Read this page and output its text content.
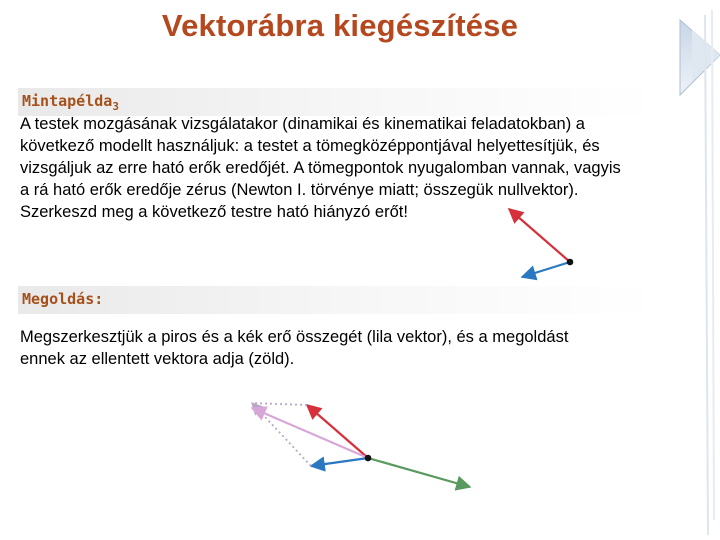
Vektorábra kiegészítése
Mintapélda$_3$
A testek mozgásának vizsgálatakor (dinamikai és kinematikai feladatokban) a
következő modellt használjuk: a testet a tömegközéppontjával helyettesítjük, és
vizsgáljuk az erre ható erők eredőjét. A tömegpontok nyugalomban vannak, vagyis
a rá ható erők eredője zérus (Newton I. törvénye miatt; összegük nullvektor).
Szerkeszd meg a következő testre ható hiányzó erőt!
Megoldás:
Megszerkesztjük a piros és a kék erő összegét (lila vektor), és a megoldást
ennek az ellentett vektora adja (zöld).
